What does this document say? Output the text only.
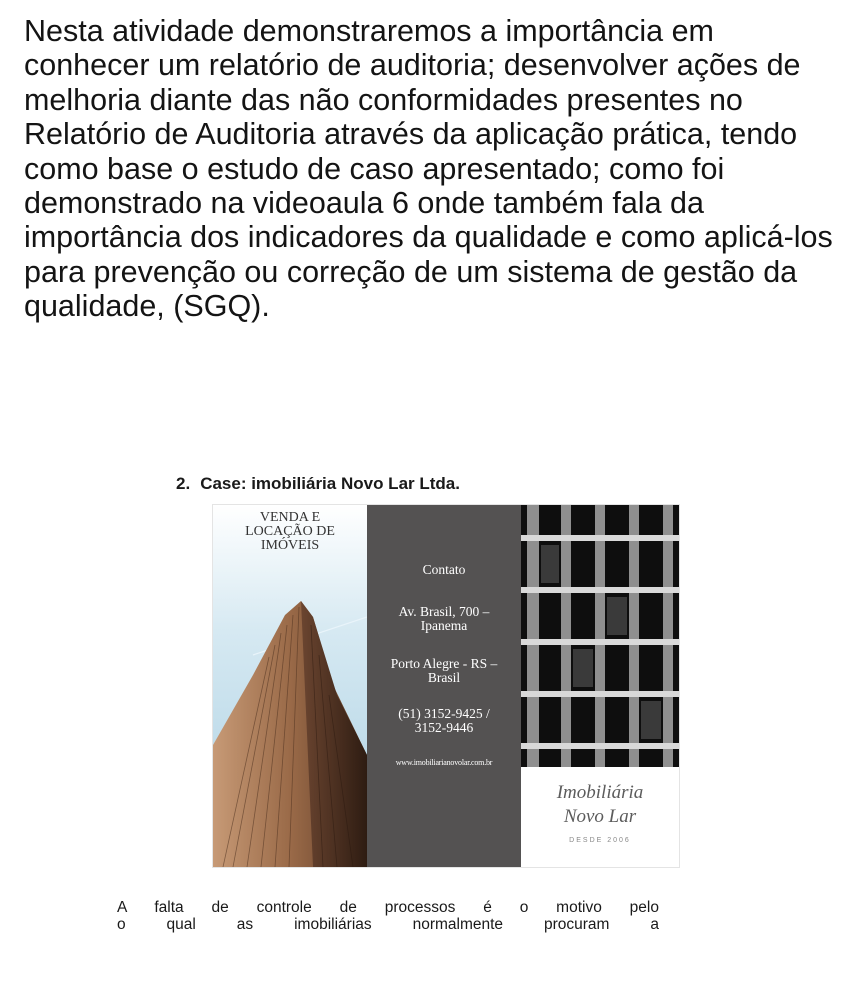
Nesta atividade demonstraremos a importância em conhecer um relatório de auditoria; desenvolver ações de melhoria diante das não conformidades presentes no Relatório de Auditoria através da aplicação prática, tendo como base o estudo de caso apresentado; como foi demonstrado na videoaula 6 onde também fala da importância dos indicadores da qualidade e como aplicá-los para prevenção ou correção de um sistema de gestão da qualidade, (SGQ).

2. Case: imobiliária Novo Lar Ltda.
VENDA E
LOCAÇÃO DE
IMÓVEIS
Contato
Av. Brasil, 700 –
Ipanema
Porto Alegre - RS –
Brasil
(51) 3152-9425 /
3152-9446
www.imobiliarianovolar.com.br
Imobiliária
Novo Lar
DESDE 2006
A falta de controle de processos é o motivo pelo
o qual as imobiliárias normalmente procuram a
